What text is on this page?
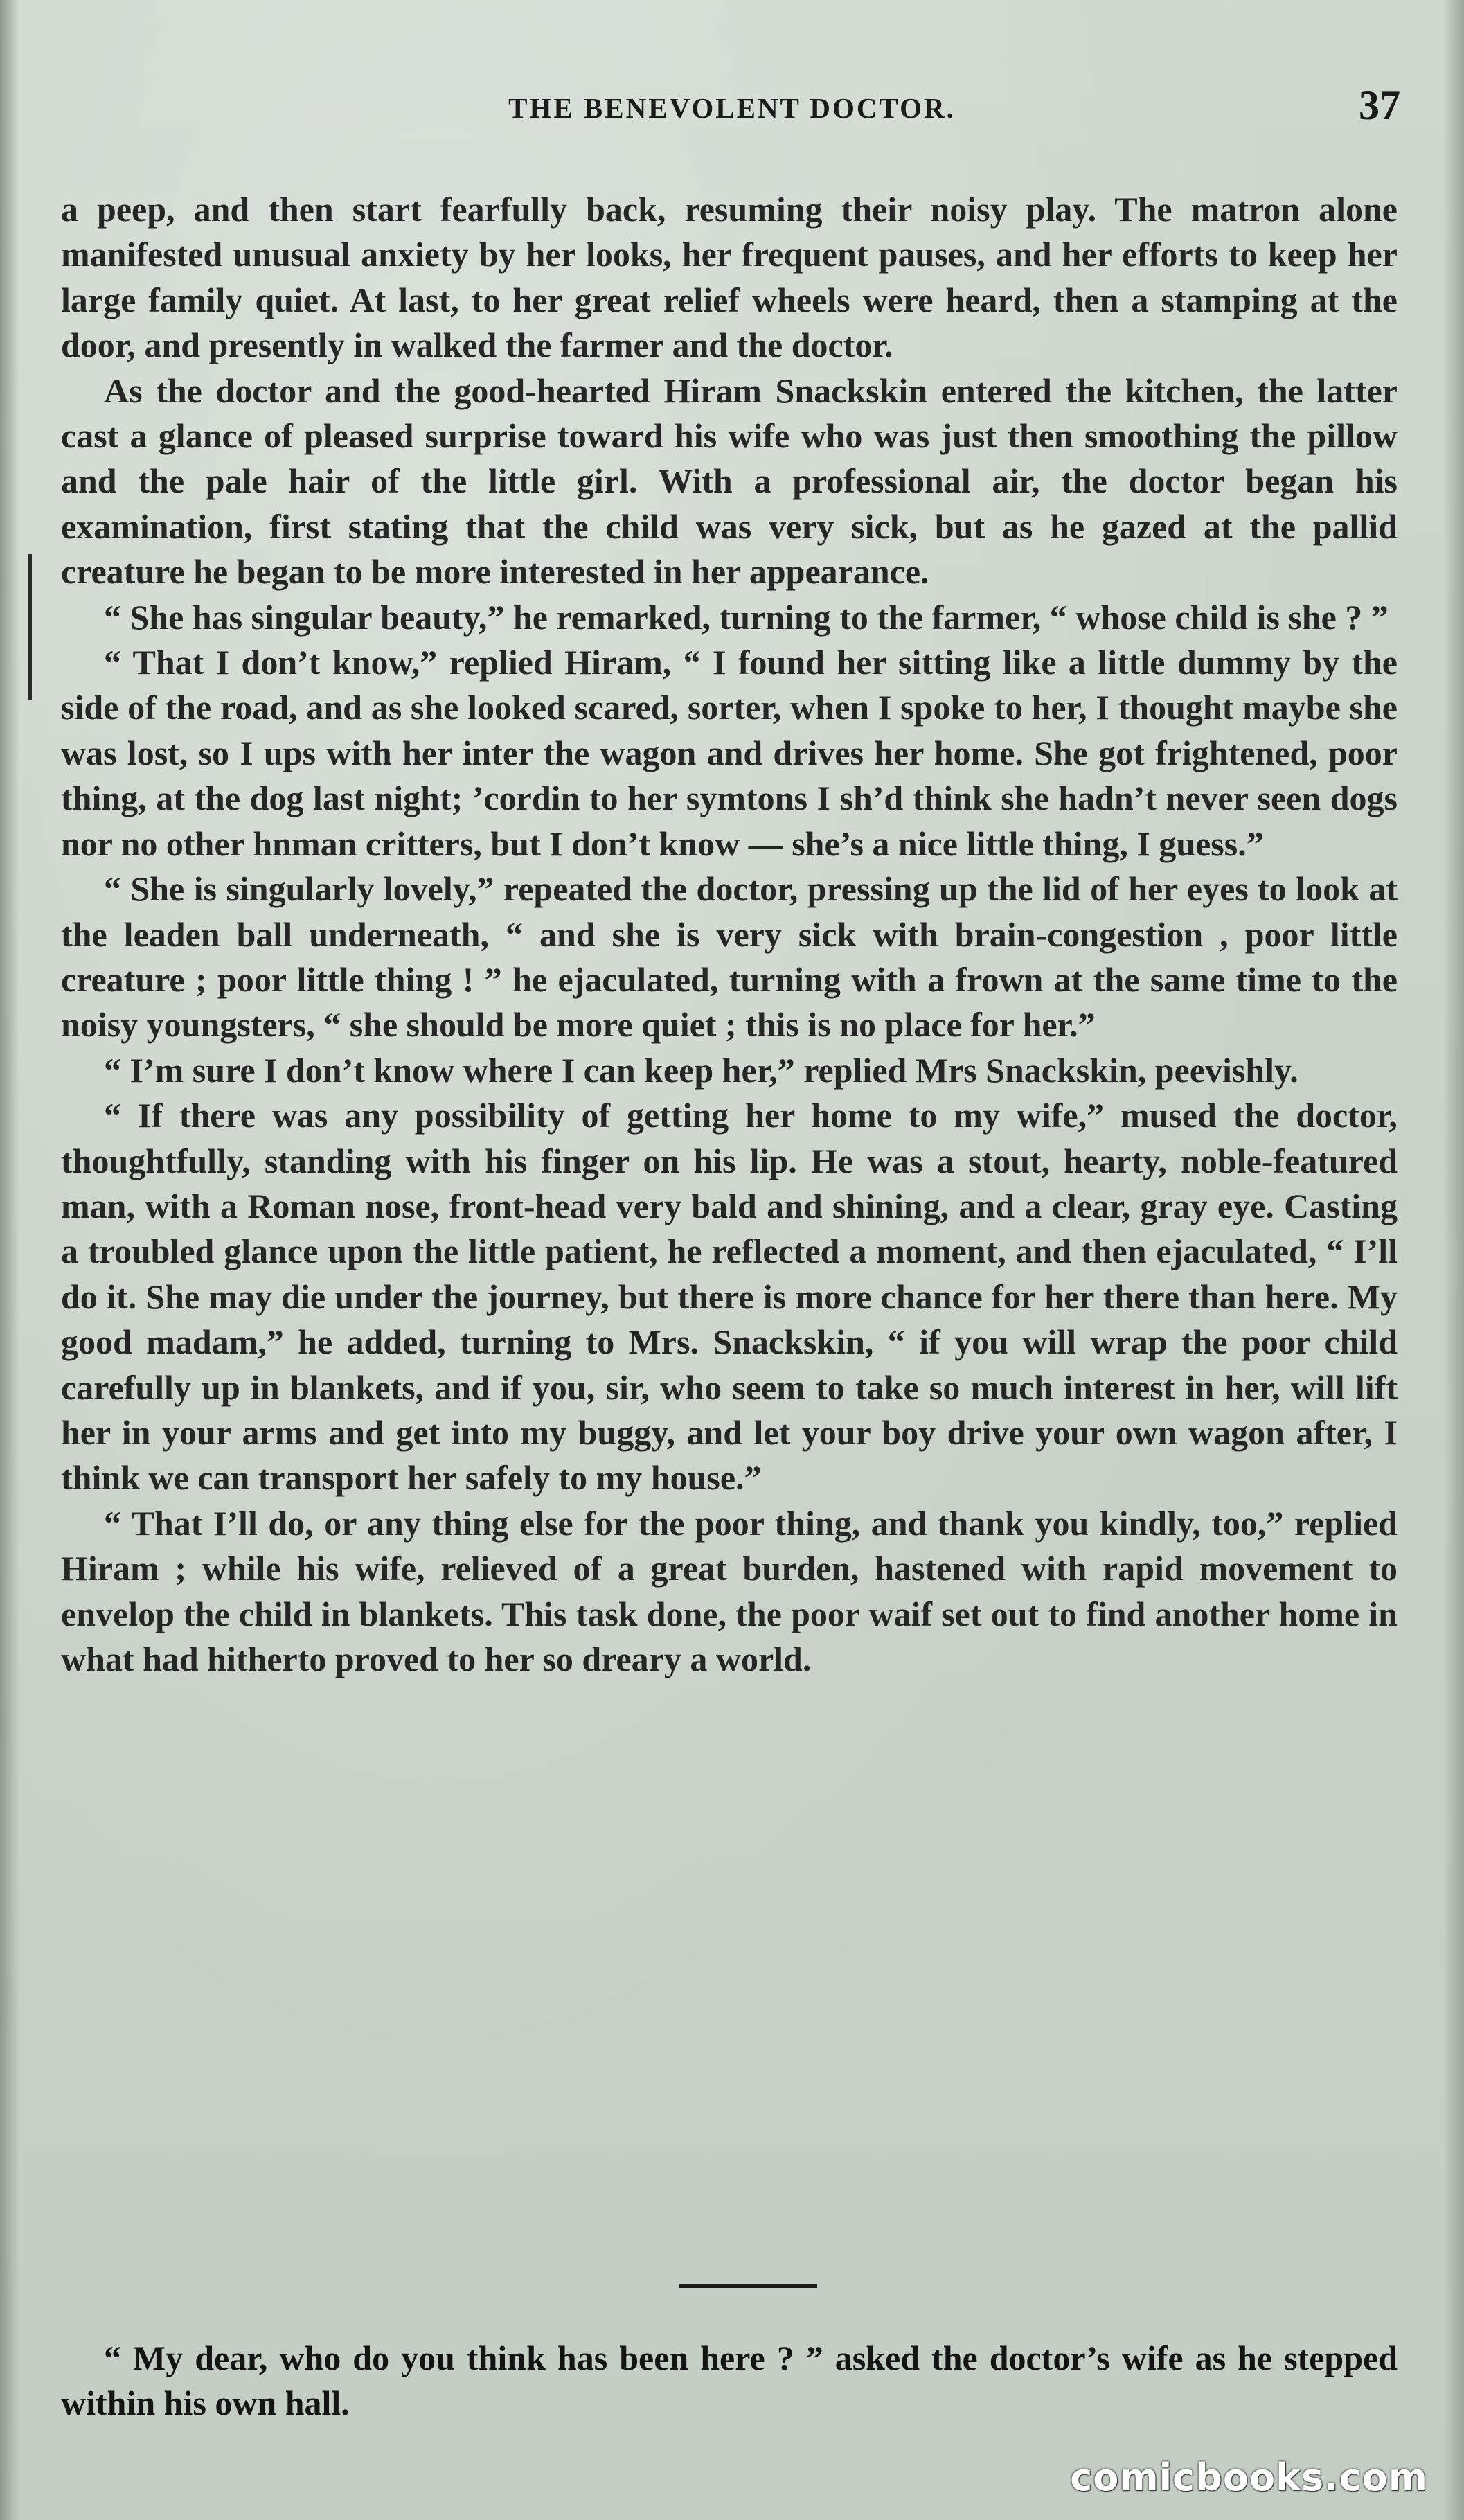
THE BENEVOLENT DOCTOR.	37

a peep, and then start fearfully back, resuming their noisy play. The matron alone manifested unusual anxiety by her looks, her frequent pauses, and her efforts to keep her large family quiet. At last, to her great relief wheels were heard, then a stamping at the door, and presently in walked the farmer and the doctor.

As the doctor and the good-hearted Hiram Snackskin entered the kitchen, the latter cast a glance of pleased surprise toward his wife who was just then smoothing the pillow and the pale hair of the little girl. With a professional air, the doctor began his examination, first stating that the child was very sick, but as he gazed at the pallid creature he began to be more interested in her appearance.

“ She has singular beauty,” he remarked, turning to the farmer, “ whose child is she ? ”

“ That I don’t know,” replied Hiram, “ I found her sitting like a little dummy by the side of the road, and as she looked scared, sorter, when I spoke to her, I thought maybe she was lost, so I ups with her inter the wagon and drives her home. She got frightened, poor thing, at the dog last night; ’cordin to her symtons I sh’d think she hadn’t never seen dogs nor no other hnman critters, but I don’t know — she’s a nice little thing, I guess.”

“ She is singularly lovely,” repeated the doctor, pressing up the lid of her eyes to look at the leaden ball underneath, “ and she is very sick with brain-congestion , poor little creature ; poor little thing ! ” he ejaculated, turning with a frown at the same time to the noisy youngsters, “ she should be more quiet ; this is no place for her.”

“ I’m sure I don’t know where I can keep her,” replied Mrs Snackskin, peevishly.

“ If there was any possibility of getting her home to my wife,” mused the doctor, thoughtfully, standing with his finger on his lip. He was a stout, hearty, noble-featured man, with a Roman nose, front-head very bald and shining, and a clear, gray eye. Casting a troubled glance upon the little patient, he reflected a moment, and then ejaculated, “ I’ll do it. She may die under the journey, but there is more chance for her there than here. My good madam,” he added, turning to Mrs. Snackskin, “ if you will wrap the poor child carefully up in blankets, and if you, sir, who seem to take so much interest in her, will lift her in your arms and get into my buggy, and let your boy drive your own wagon after, I think we can transport her safely to my house.”

“ That I’ll do, or any thing else for the poor thing, and thank you kindly, too,” replied Hiram ; while his wife, relieved of a great burden, hastened with rapid movement to envelop the child in blankets. This task done, the poor waif set out to find another home in what had hitherto proved to her so dreary a world.

“ My dear, who do you think has been here ? ” asked the doctor’s wife as he stepped within his own hall.

comicbooks.com
